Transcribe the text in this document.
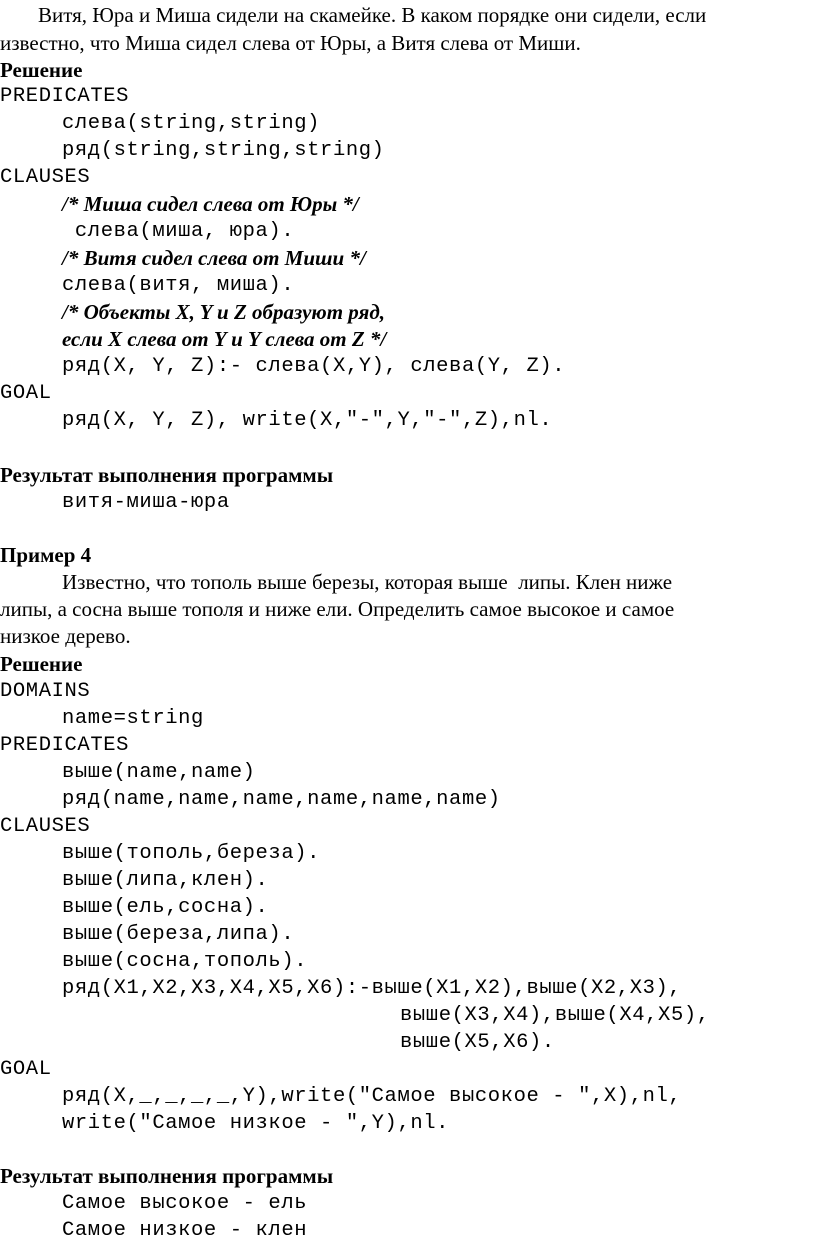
Витя, Юра и Миша сидели на скамейке. В каком порядке они сидели, если
известно, что Миша сидел слева от Юры, а Витя слева от Миши.
Решение
PREDICATES
слева(string,string)
ряд(string,string,string)
CLAUSES
/* Миша сидел слева от Юры */
слева(миша, юра).
/* Витя сидел слева от Миши */
слева(витя, миша).
/* Объекты X, Y и Z образуют ряд,
если X слева от Y и Y слева от Z */
ряд(X, Y, Z):- слева(X,Y), слева(Y, Z).
GOAL
ряд(X, Y, Z), write(X,"-",Y,"-",Z),nl.
Результат выполнения программы
витя-миша-юра
Пример 4
Известно, что тополь выше березы, которая выше  липы. Клен ниже
липы, а сосна выше тополя и ниже ели. Определить самое высокое и самое
низкое дерево.
Решение
DOMAINS
name=string
PREDICATES
выше(name,name)
ряд(name,name,name,name,name,name)
CLAUSES
выше(тополь,береза).
выше(липа,клен).
выше(ель,сосна).
выше(береза,липа).
выше(сосна,тополь).
ряд(X1,X2,X3,X4,X5,X6):-выше(X1,X2),выше(X2,X3),
выше(X3,X4),выше(X4,X5),
выше(X5,X6).
GOAL
ряд(X,_,_,_,_,Y),write("Самое высокое - ",X),nl,
write("Самое низкое - ",Y),nl.
Результат выполнения программы
Самое высокое - ель
Самое низкое - клен
